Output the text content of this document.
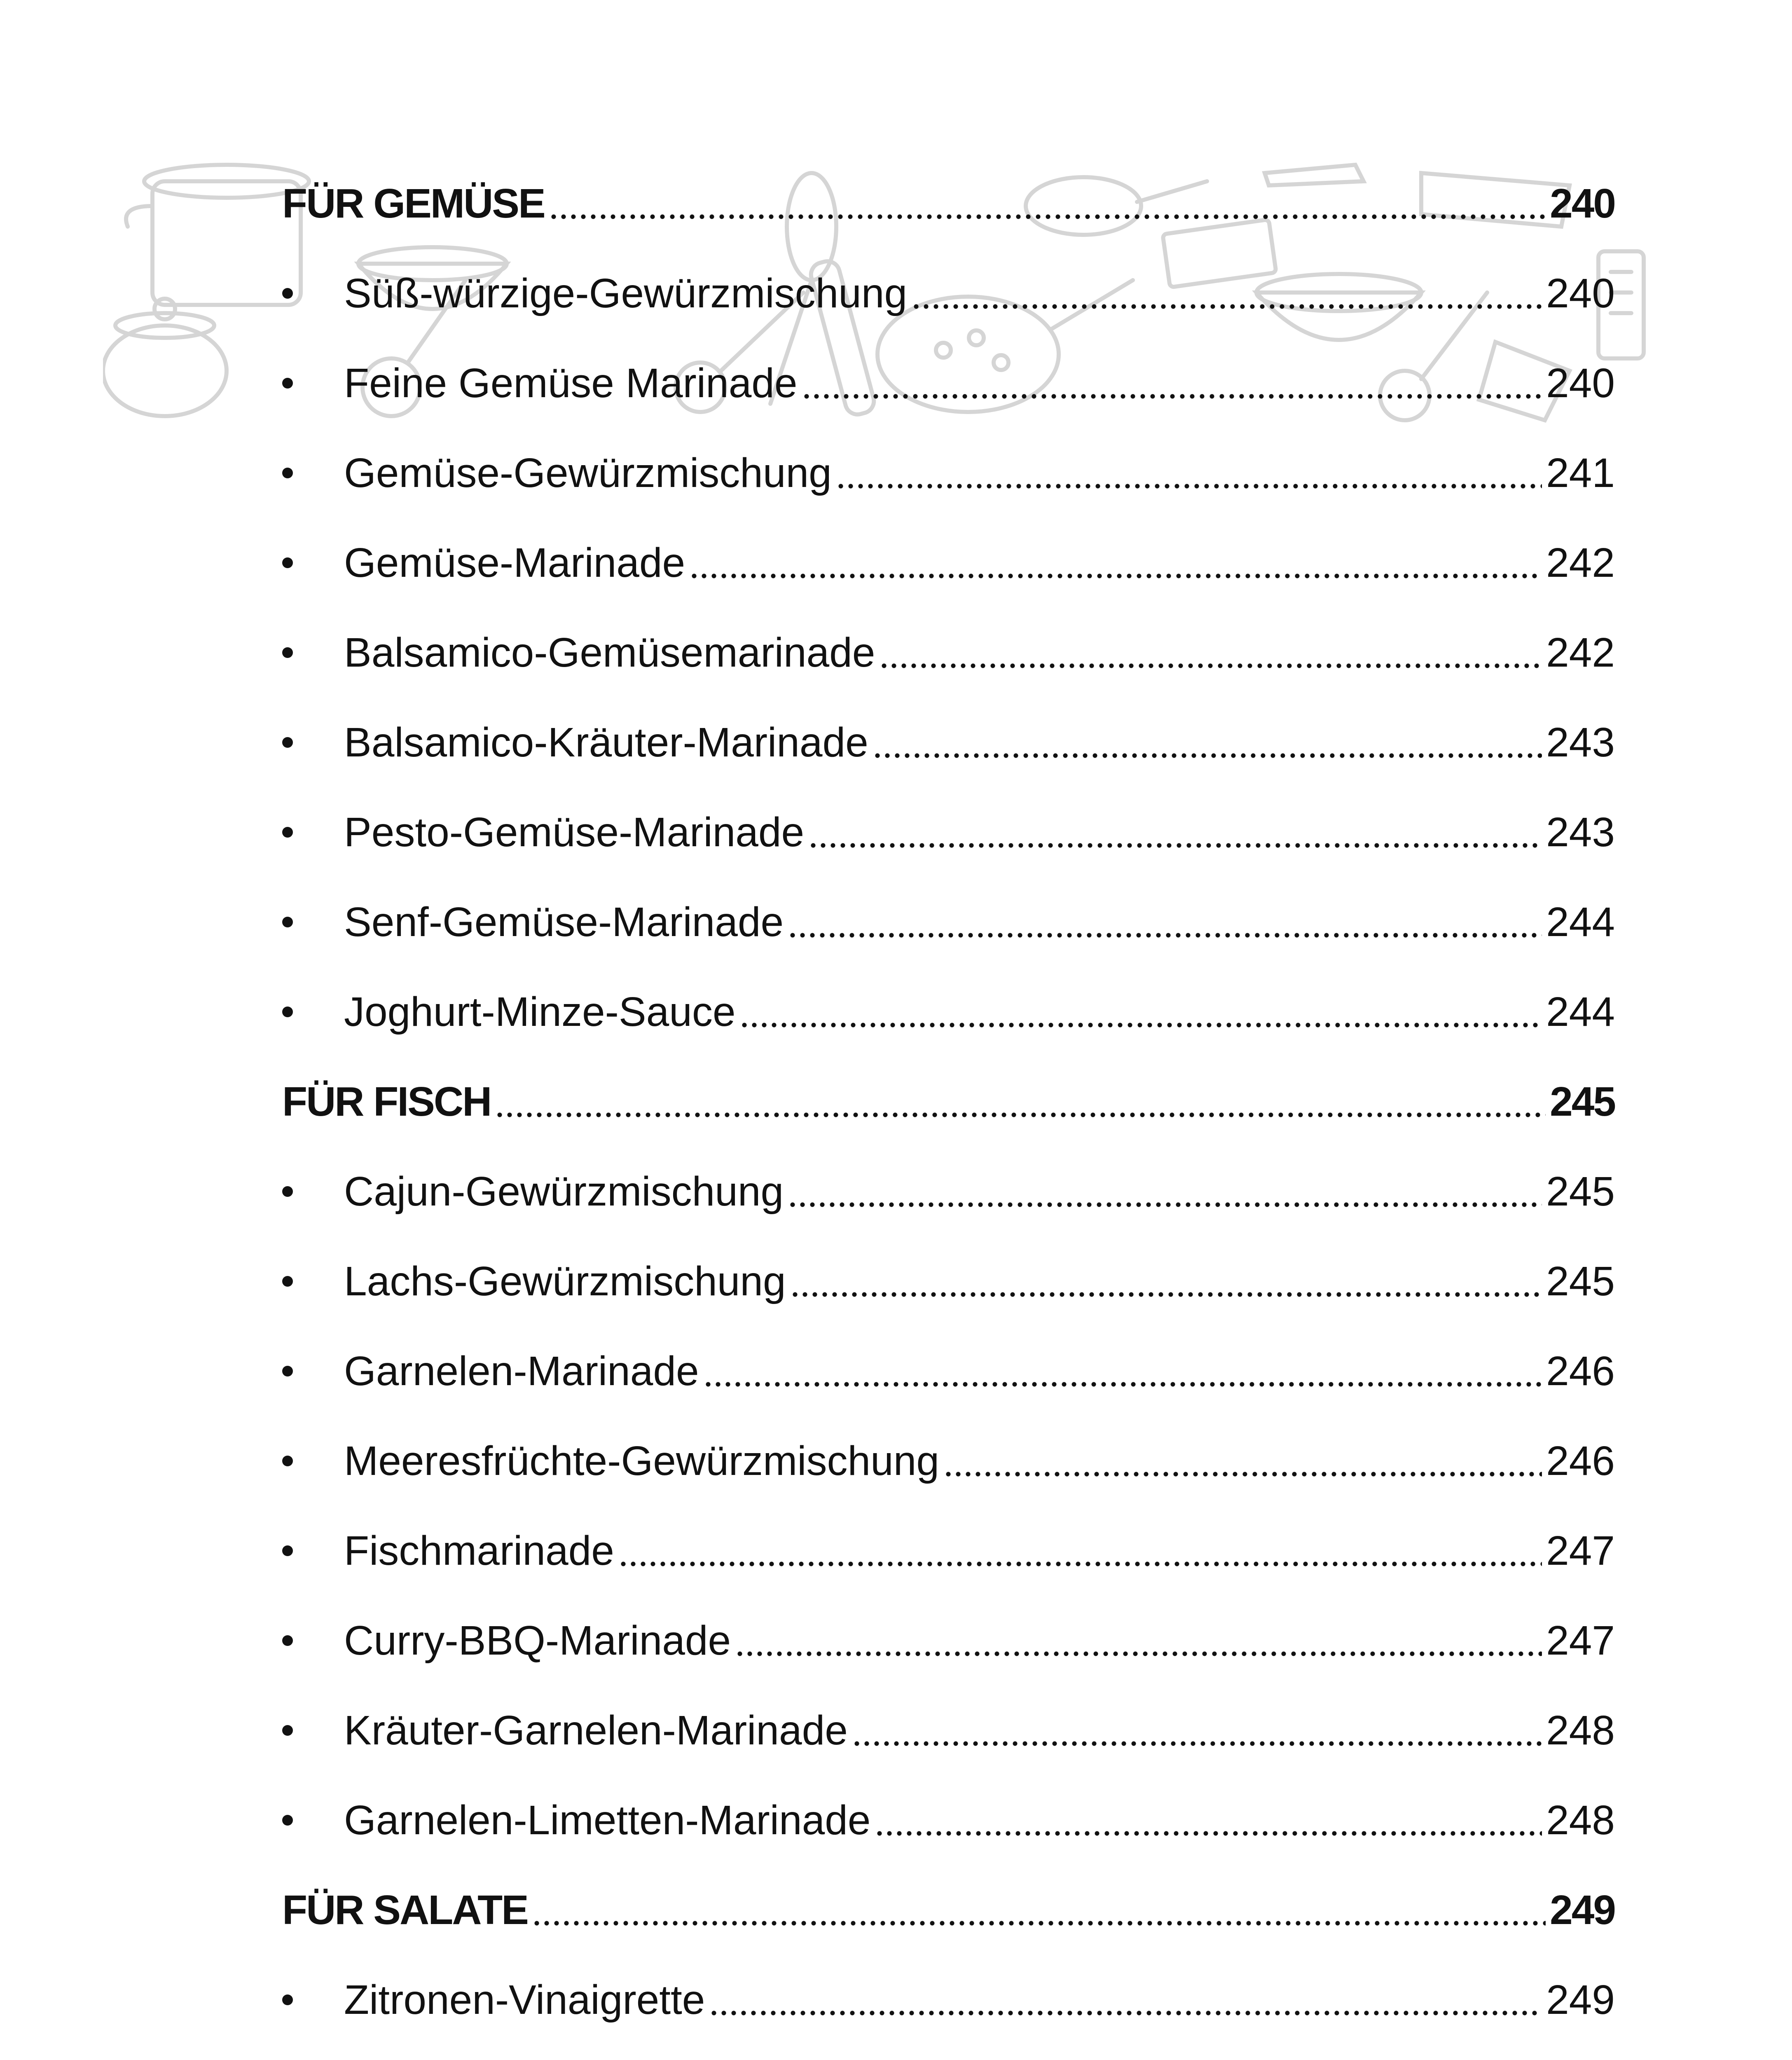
FÜR GEMÜSE	240
Süß-würzige-Gewürzmischung	240
Feine Gemüse Marinade	240
Gemüse-Gewürzmischung	241
Gemüse-Marinade	242
Balsamico-Gemüsemarinade	242
Balsamico-Kräuter-Marinade	243
Pesto-Gemüse-Marinade	243
Senf-Gemüse-Marinade	244
Joghurt-Minze-Sauce	244
FÜR FISCH	245
Cajun-Gewürzmischung	245
Lachs-Gewürzmischung	245
Garnelen-Marinade	246
Meeresfrüchte-Gewürzmischung	246
Fischmarinade	247
Curry-BBQ-Marinade	247
Kräuter-Garnelen-Marinade	248
Garnelen-Limetten-Marinade	248
FÜR SALATE	249
Zitronen-Vinaigrette	249
